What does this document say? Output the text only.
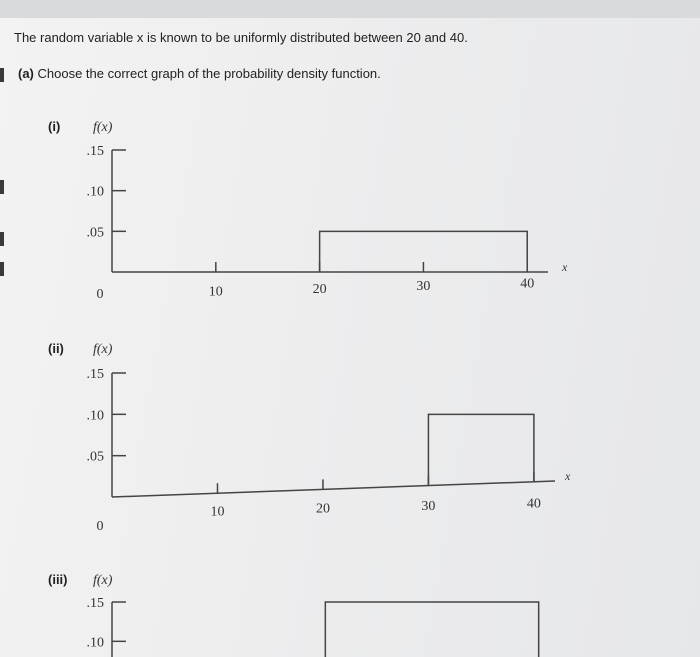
The random variable x is known to be uniformly distributed between 20 and 40.
(a) Choose the correct graph of the probability density function.
(i) f(x)
.15
.10
.05
x
0	10	20	30	40
(ii) f(x)
.15
.10
.05
x
0
10	20	30	40
(iii) f(x)
.15
.10
